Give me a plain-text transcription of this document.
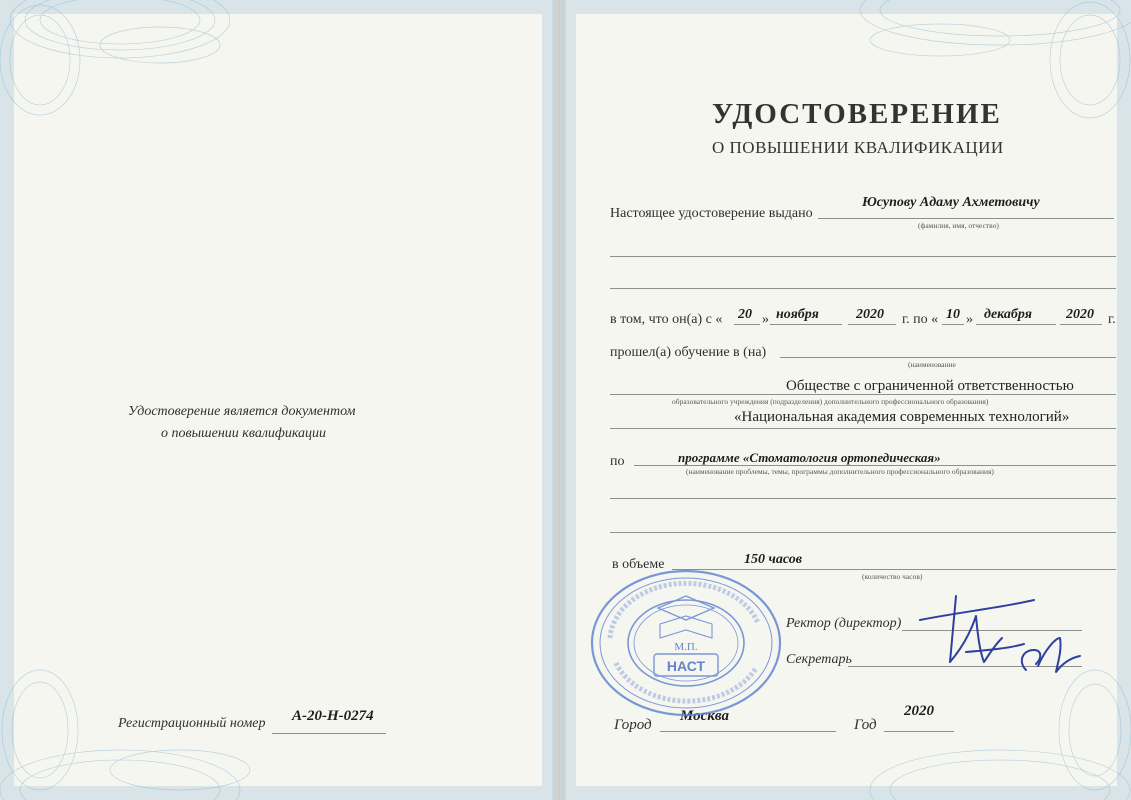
Удостоверение является документом
о повышении квалификации
Регистрационный номер А-20-Н-0274
УДОСТОВЕРЕНИЕ
О ПОВЫШЕНИИ КВАЛИФИКАЦИИ
Настоящее удостоверение выдано
Юсупову Адаму Ахметовичу
(фамилия, имя, отчество)
в том, что он(а) с « 20 » ноября	2020 г. по « 10 » декабря 2020 г.
прошел(а) обучение в (на)
(наименование
Обществе с ограниченной ответственностью
образовательного учреждения (подразделения) дополнительного профессионального образования)
«Национальная академия современных технологий»
по	программе «Стоматология ортопедическая»
(наименование проблемы, темы, программы дополнительного профессионального образования)
в объеме	150 часов
(количество часов)
Ректор (директор)
Секретарь
Город
Москва
Год
2020
М.П.
НАСТ
